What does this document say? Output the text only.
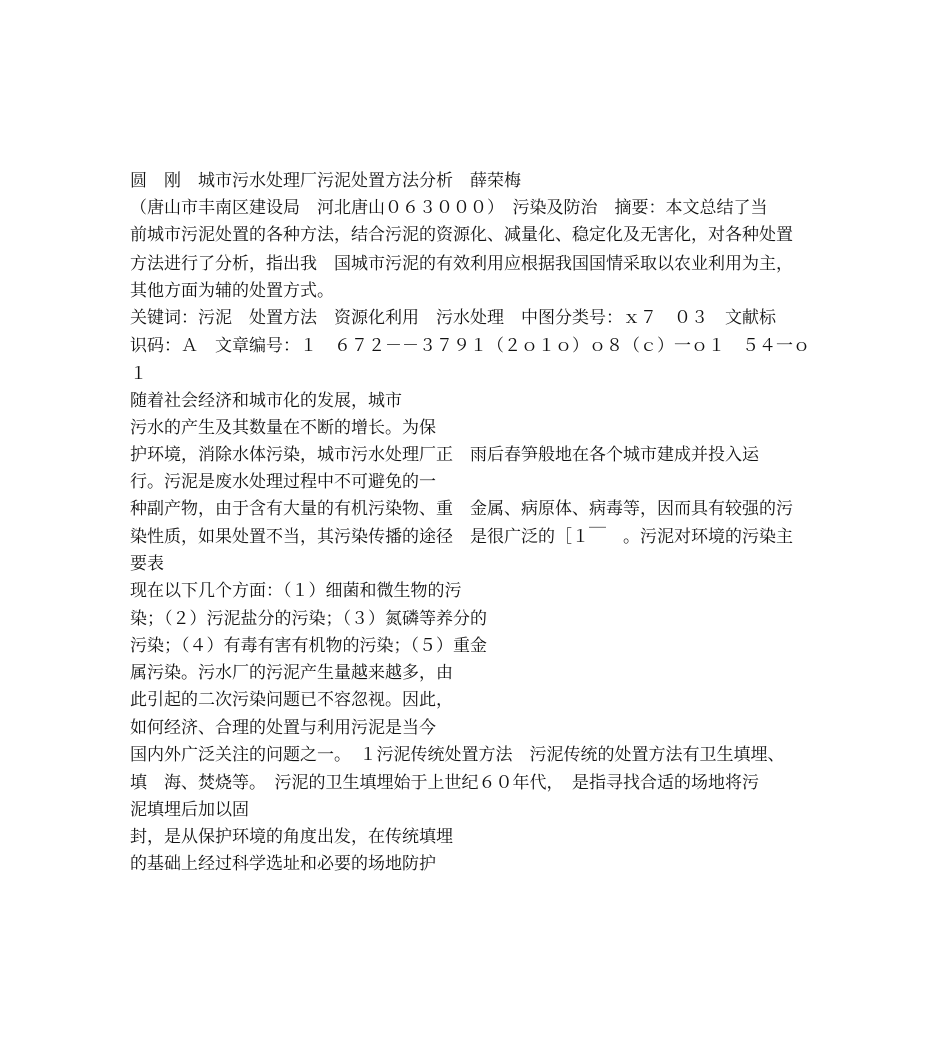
圆　刚　城市污水处理厂污泥处置方法分析　薛荣梅

（唐山市丰南区建设局　河北唐山０６３０００）　污染及防治　摘要：本文总结了当

前城市污泥处置的各种方法，结合污泥的资源化、减量化、稳定化及无害化，对各种处置

方法进行了分析，指出我　国城市污泥的有效利用应根据我国国情采取以农业利用为主，

其他方面为辅的处置方式。

关键词：污泥　处置方法　资源化利用　污水处理　中图分类号：ｘ７　０３　文献标

识码：Ａ　文章编号：１　６７２－－３７９１（２ｏ１ｏ）ｏ８（ｃ）一ｏ１　５４一ｏ

１

随着社会经济和城市化的发展，城市

污水的产生及其数量在不断的增长。为保

护环境，消除水体污染，城市污水处理厂正　雨后春笋般地在各个城市建成并投入运

行。污泥是废水处理过程中不可避免的一

种副产物，由于含有大量的有机污染物、重　金属、病原体、病毒等，因而具有较强的污

染性质，如果处置不当，其污染传播的途径　是很广泛的［１￣　。污泥对环境的污染主

要表

现在以下几个方面：（１）细菌和微生物的污

染；（２）污泥盐分的污染；（３）氮磷等养分的

污染；（４）有毒有害有机物的污染；（５）重金

属污染。污水厂的污泥产生量越来越多，由

此引起的二次污染问题已不容忽视。因此，

如何经济、合理的处置与利用污泥是当今

国内外广泛关注的问题之一。　１污泥传统处置方法　污泥传统的处置方法有卫生填埋、

填　海、焚烧等。　污泥的卫生填埋始于上世纪６０年代，　是指寻找合适的场地将污

泥填埋后加以固

封，是从保护环境的角度出发，在传统填埋

的基础上经过科学选址和必要的场地防护
